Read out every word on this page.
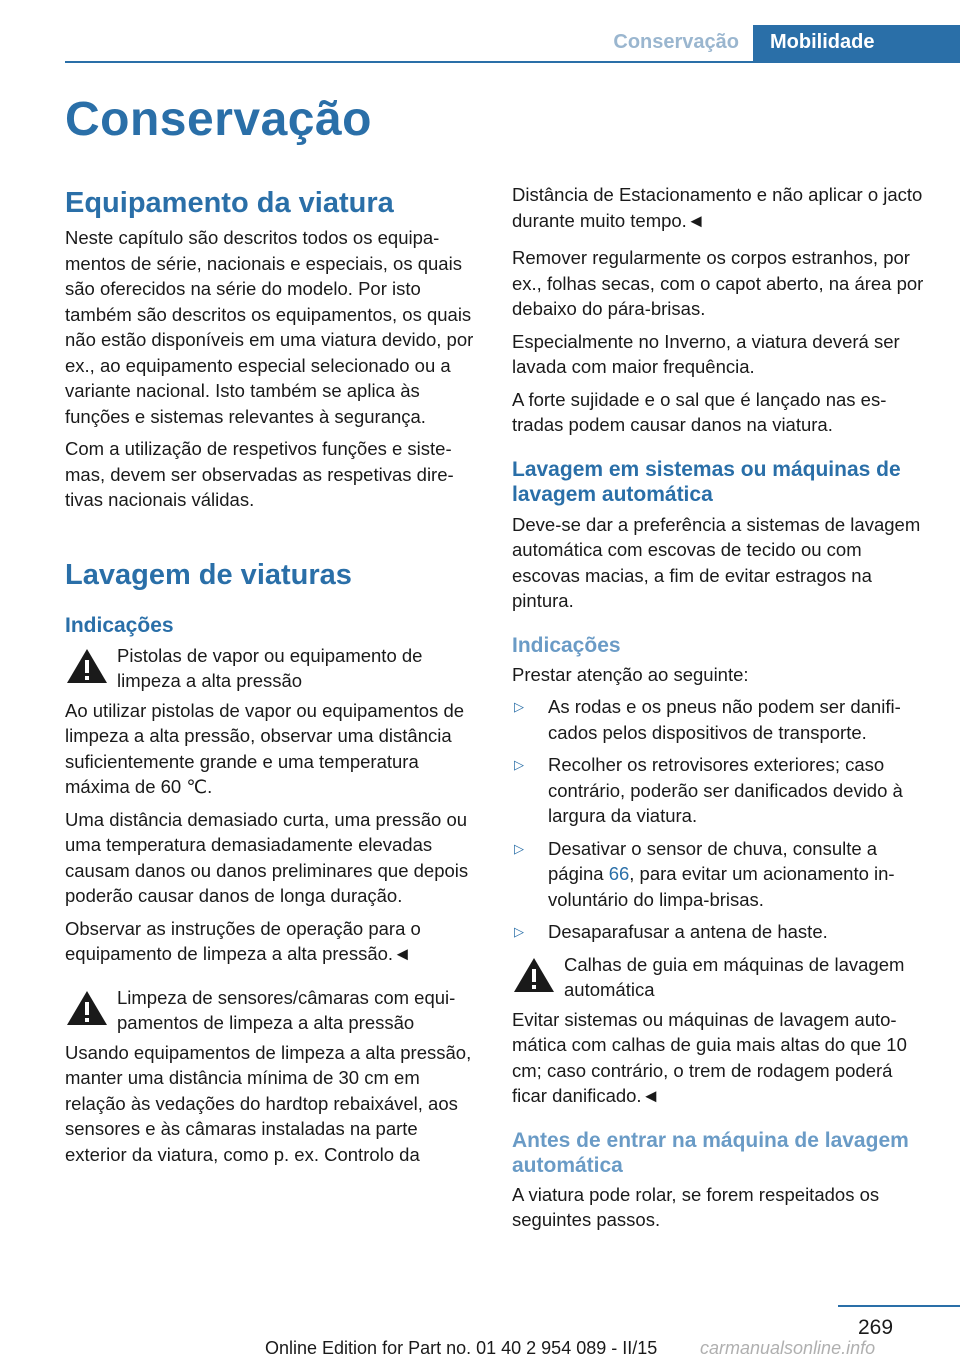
Conservação	Mobilidade
Conservação
Equipamento da viatura

Neste capítulo são descritos todos os equipamentos de série, nacionais e especiais, os quais são oferecidos na série do modelo. Por isto também são descritos os equipamentos, os quais não estão disponíveis em uma viatura devido, por ex., ao equipamento especial selecionado ou a variante nacional. Isto também se aplica às funções e sistemas relevantes à segurança.

Com a utilização de respetivos funções e sistemas, devem ser observadas as respetivas diretivas nacionais válidas.

Lavagem de viaturas
Indicações
Pistolas de vapor ou equipamento de limpeza a alta pressão

Ao utilizar pistolas de vapor ou equipamentos de limpeza a alta pressão, observar uma distância suficientemente grande e uma temperatura máxima de 60 ℃.

Uma distância demasiado curta, uma pressão ou uma temperatura demasiadamente elevadas causam danos ou danos preliminares que depois poderão causar danos de longa duração.

Observar as instruções de operação para o equipamento de limpeza a alta pressão.◄

Limpeza de sensores/câmaras com equipamentos de limpeza a alta pressão

Usando equipamentos de limpeza a alta pressão, manter uma distância mínima de 30 cm em relação às vedações do hardtop rebaixável, aos sensores e às câmaras instaladas na parte exterior da viatura, como p. ex. Controlo da

Distância de Estacionamento e não aplicar o jacto durante muito tempo.◄

Remover regularmente os corpos estranhos, por ex., folhas secas, com o capot aberto, na área por debaixo do pára-brisas.

Especialmente no Inverno, a viatura deverá ser lavada com maior frequência.

A forte sujidade e o sal que é lançado nas estradas podem causar danos na viatura.

Lavagem em sistemas ou máquinas de lavagem automática

Deve-se dar a preferência a sistemas de lavagem automática com escovas de tecido ou com escovas macias, a fim de evitar estragos na pintura.

Indicações

Prestar atenção ao seguinte:

▷	As rodas e os pneus não podem ser danificados pelos dispositivos de transporte.
▷	Recolher os retrovisores exteriores; caso contrário, poderão ser danificados devido à largura da viatura.
▷	Desativar o sensor de chuva, consulte a página 66, para evitar um acionamento involuntário do limpa-brisas.
▷	Desaparafusar a antena de haste.
Calhas de guia em máquinas de lavagem automática

Evitar sistemas ou máquinas de lavagem automática com calhas de guia mais altas do que 10 cm; caso contrário, o trem de rodagem poderá ficar danificado.◄

Antes de entrar na máquina de lavagem automática

A viatura pode rolar, se forem respeitados os seguintes passos.

269
Online Edition for Part no. 01 40 2 954 089 - II/15 carmanualsonline.info
